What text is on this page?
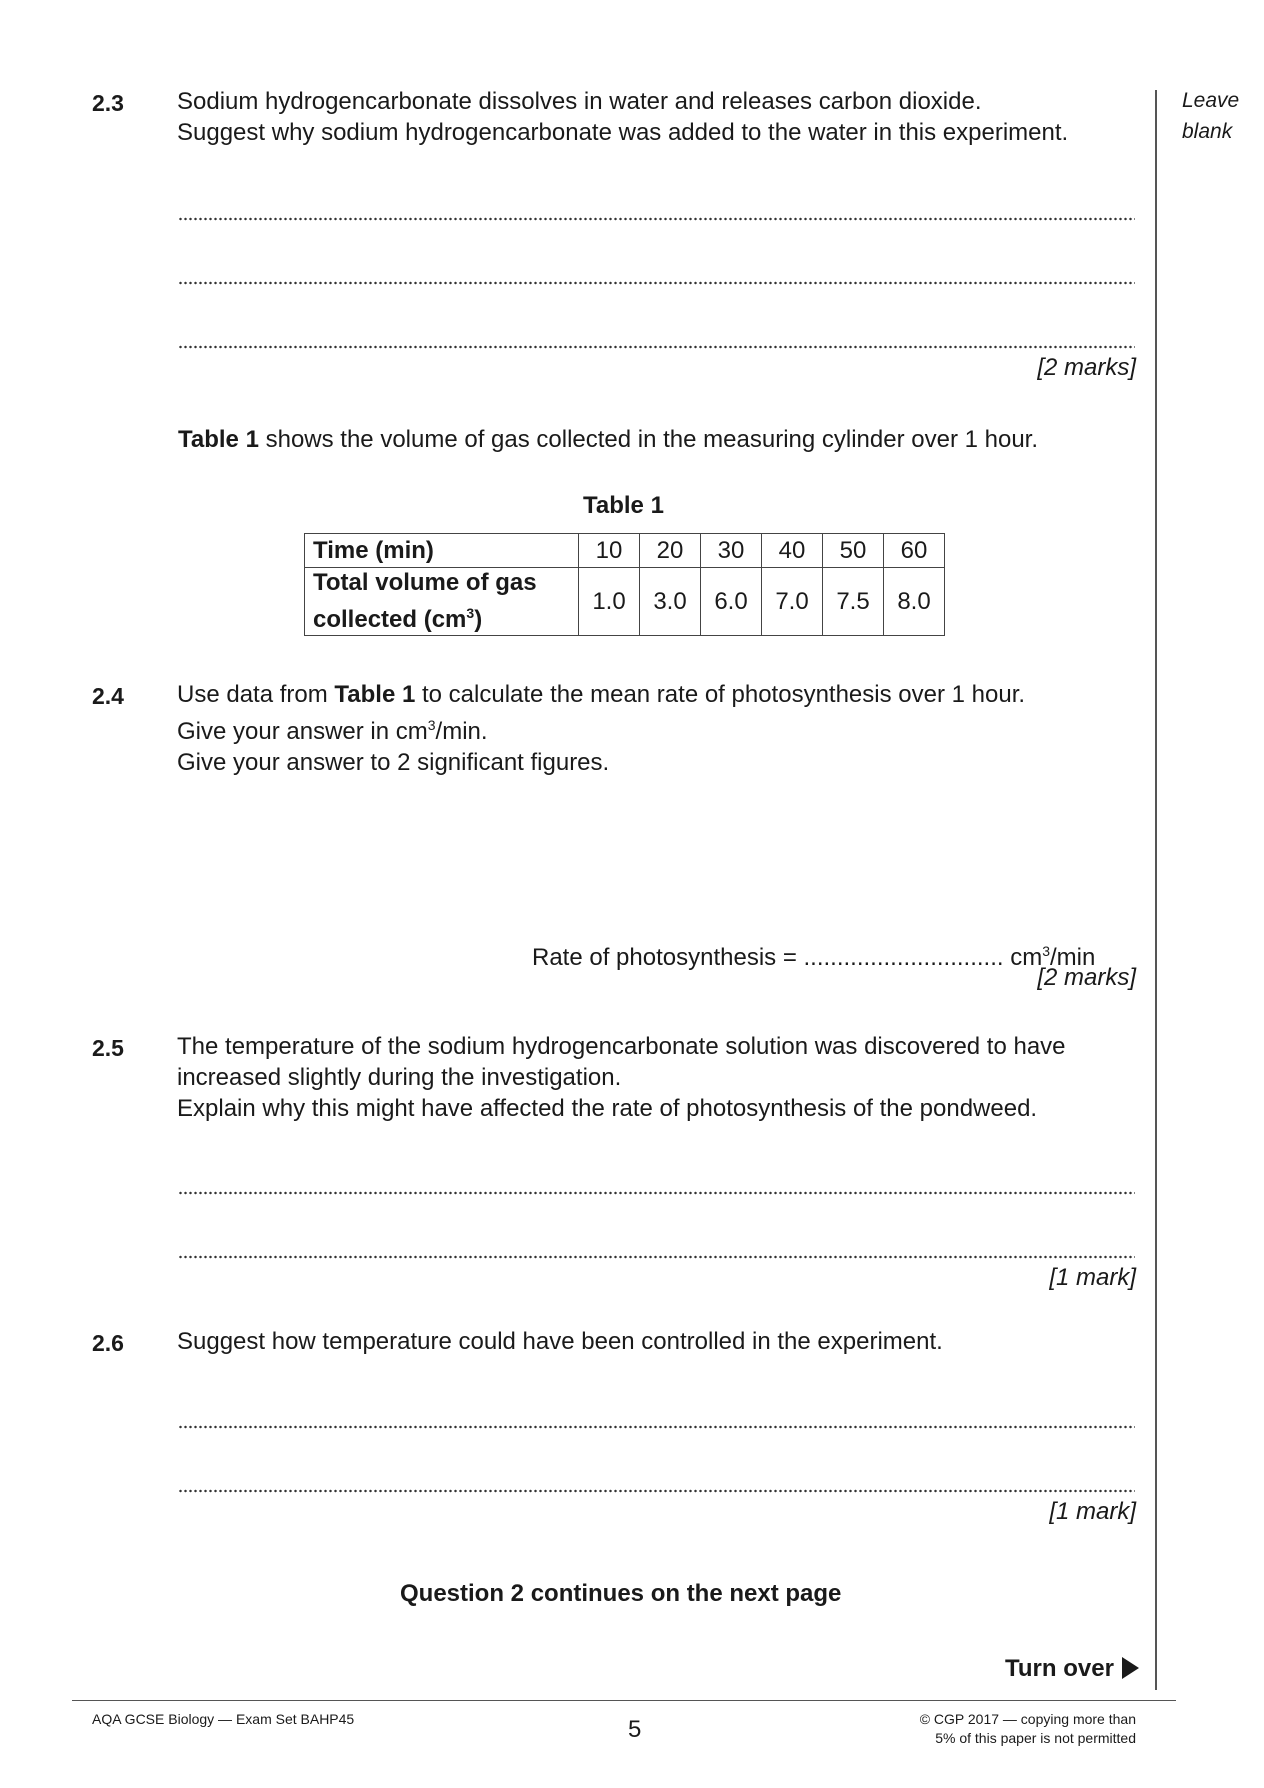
Leave
blank
2.3 Sodium hydrogencarbonate dissolves in water and releases carbon dioxide.
Suggest why sodium hydrogencarbonate was added to the water in this experiment.
[2 marks]
Table 1 shows the volume of gas collected in the measuring cylinder over 1 hour.
Table 1
Time (min)	10	20	30	40	50	60

Total volume of gas
collected $(cm^3)$	1.0	3.0	6.0	7.0	7.5	8.0
2.4 Use data from Table 1 to calculate the mean rate of photosynthesis over 1 hour.
Give your answer in $cm^3/\min$.
Give your answer to 2 significant figures.
Rate of photosynthesis = .............................. $cm^3/\min$
[2 marks]
2.5 The temperature of the sodium hydrogencarbonate solution was discovered to have
increased slightly during the investigation.
Explain why this might have affected the rate of photosynthesis of the pondweed.
[1 mark]
2.6 Suggest how temperature could have been controlled in the experiment.
[1 mark]
Question 2 continues on the next page
Turn over
AQA GCSE Biology — Exam Set BAHP45	5	© CGP 2017 — copying more than
5% of this paper is not permitted
